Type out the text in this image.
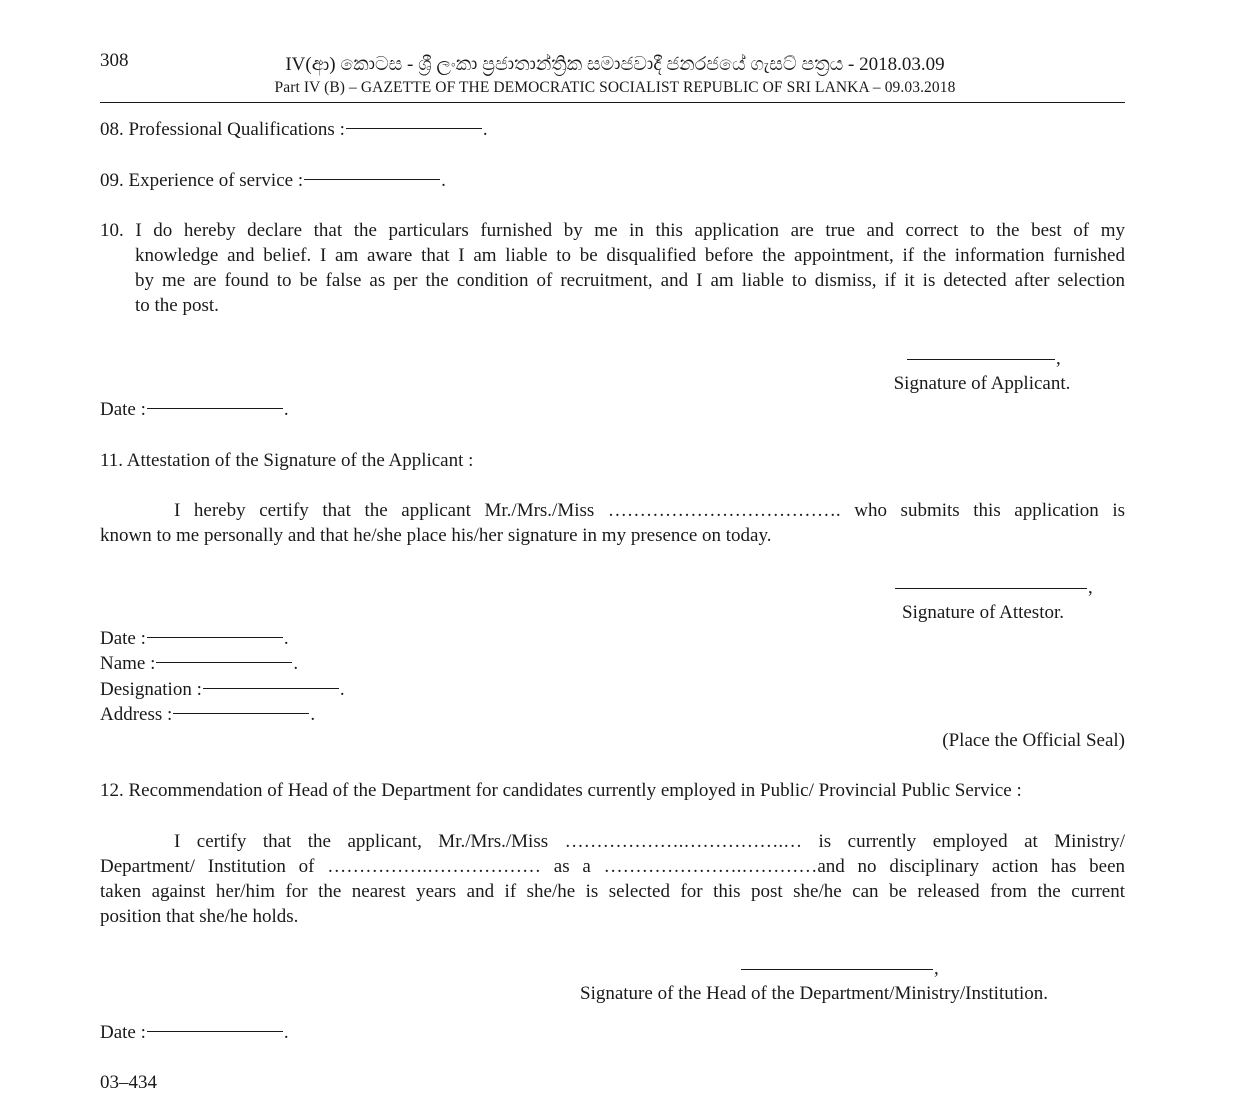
308	IV(ආ) කොටස - ශ්‍රී ලංකා ප්‍රජාතාන්ත්‍රික සමාජවාදී ජනරජයේ ගැසට් පත්‍රය - 2018.03.09
Part IV (B) – GAZETTE OF THE DEMOCRATIC SOCIALIST REPUBLIC OF SRI LANKA – 09.03.2018
08. Professional Qualifications :	.
09. Experience of service :	.
10. I do hereby declare that the particulars furnished by me in this application are true and correct to the best of my
knowledge and belief. I am aware that I am liable to be disqualified before the appointment, if the information furnished
by me are found to be false as per the condition of recruitment, and I am liable to dismiss, if it is detected after selection
to the post.
,
Signature of Applicant.
Date :	.
11. Attestation of the Signature of the Applicant :
I hereby certify that the applicant Mr./Mrs./Miss ………………………………. who submits this application is
known to me personally and that he/she place his/her signature in my presence on today.
,
Signature of Attestor.
Date :	.
Name :	.
Designation :	.
Address :	.
(Place the Official Seal)
12. Recommendation of Head of the Department for candidates currently employed in Public/ Provincial Public Service :
I certify that the applicant, Mr./Mrs./Miss ……………….…………….… is currently employed at Ministry/
Department/ Institution of …………….……………… as a ………………….…………and no disciplinary action has been
taken against her/him for the nearest years and if she/he is selected for this post she/he can be released from the current
position that she/he holds.
,
Signature of the Head of the Department/Ministry/Institution.
Date :	.
03–434
